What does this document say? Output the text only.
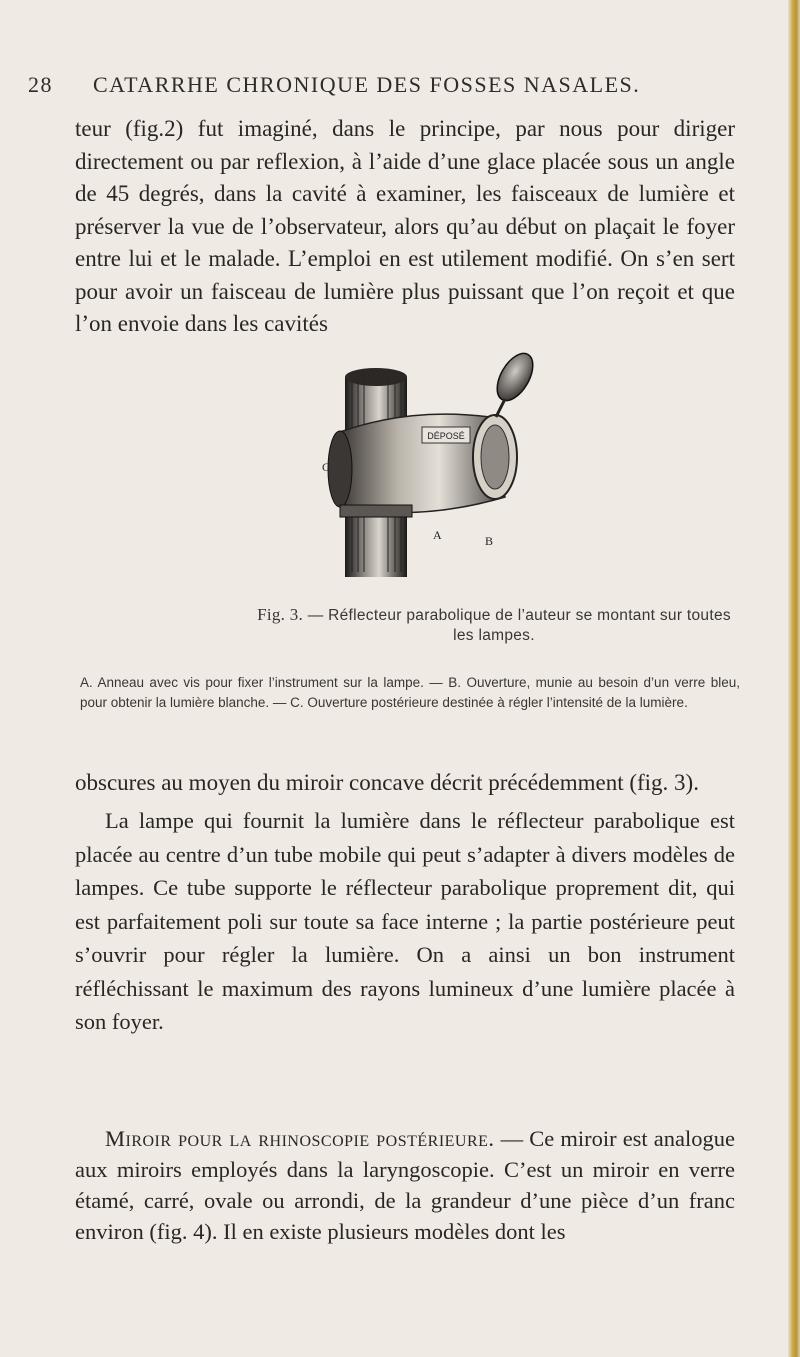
28 CATARRHE CHRONIQUE DES FOSSES NASALES.

teur (fig.2) fut imaginé, dans le principe, par nous pour diriger directement ou par reflexion, à l’aide d’une glace placée sous un angle de 45 degrés, dans la cavité à examiner, les faisceaux de lumière et préserver la vue de l’observateur, alors qu’au début on plaçait le foyer entre lui et le malade. L’emploi en est utilement modifié. On s’en sert pour avoir un faisceau de lumière plus puissant que l’on reçoit et que l’on envoie dans les cavités

DÉPOSÉ
C
A	B
Fig. 3. — Réflecteur parabolique de l’auteur se montant sur toutes les lampes.
A. Anneau avec vis pour fixer l’instrument sur la lampe. — B. Ouverture, munie au besoin d’un verre bleu, pour obtenir la lumière blanche. — C. Ouverture postérieure destinée à régler l’intensité de la lumière.

obscures au moyen du miroir concave décrit précédemment (fig. 3).

La lampe qui fournit la lumière dans le réflecteur parabolique est placée au centre d’un tube mobile qui peut s’adapter à divers modèles de lampes. Ce tube supporte le réflecteur parabolique proprement dit, qui est parfaitement poli sur toute sa face interne ; la partie postérieure peut s’ouvrir pour régler la lumière. On a ainsi un bon instrument réfléchissant le maximum des rayons lumineux d’une lumière placée à son foyer.

Miroir pour la rhinoscopie postérieure. — Ce miroir est analogue aux miroirs employés dans la laryngoscopie. C’est un miroir en verre étamé, carré, ovale ou arrondi, de la grandeur d’une pièce d’un franc environ (fig. 4). Il en existe plusieurs modèles dont les
